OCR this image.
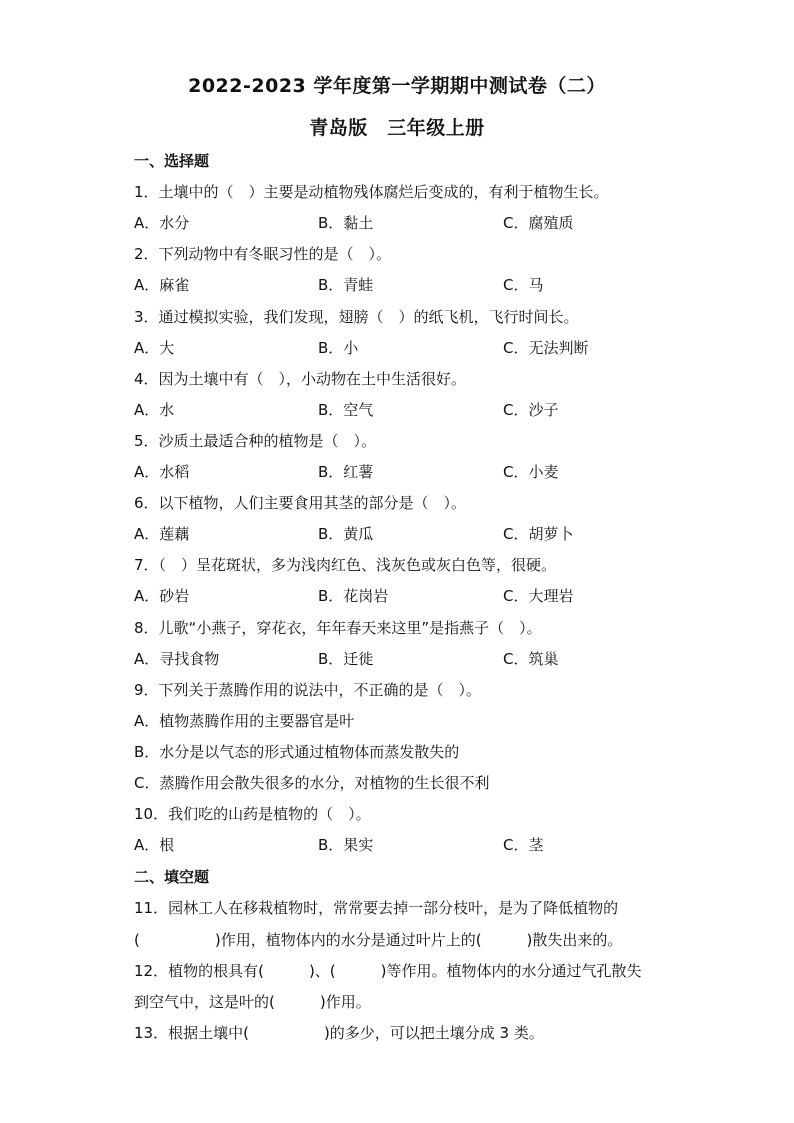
2022-2023 学年度第一学期期中测试卷（二）
青岛版　三年级上册
一、选择题
1．土壤中的（　）主要是动植物残体腐烂后变成的，有利于植物生长。
A．水分	B．黏土	C．腐殖质
2．下列动物中有冬眠习性的是（　）。
A．麻雀	B．青蛙	C．马
3．通过模拟实验，我们发现，翅膀（　）的纸飞机，飞行时间长。
A．大	B．小	C．无法判断
4．因为土壤中有（　），小动物在土中生活很好。
A．水	B．空气	C．沙子
5．沙质土最适合种的植物是（　）。
A．水稻	B．红薯	C．小麦
6．以下植物，人们主要食用其茎的部分是（　）。
A．莲藕	B．黄瓜	C．胡萝卜
7．（　）呈花斑状，多为浅肉红色、浅灰色或灰白色等，很硬。
A．砂岩	B．花岗岩	C．大理岩
8．儿歌“小燕子，穿花衣，年年春天来这里”是指燕子（　）。
A．寻找食物	B．迁徙	C．筑巢
9．下列关于蒸腾作用的说法中，不正确的是（　）。
A．植物蒸腾作用的主要器官是叶
B．水分是以气态的形式通过植物体而蒸发散失的
C．蒸腾作用会散失很多的水分，对植物的生长很不利
10．我们吃的山药是植物的（　）。
A．根	B．果实	C．茎
二、填空题
11．园林工人在移栽植物时，常常要去掉一部分枝叶，是为了降低植物的
(　　　　　)作用，植物体内的水分是通过叶片上的(　　　)散失出来的。
12．植物的根具有(　　　)、(　　　)等作用。植物体内的水分通过气孔散失
到空气中，这是叶的(　　　)作用。
13．根据土壤中(　　　　　)的多少，可以把土壤分成 3 类。
